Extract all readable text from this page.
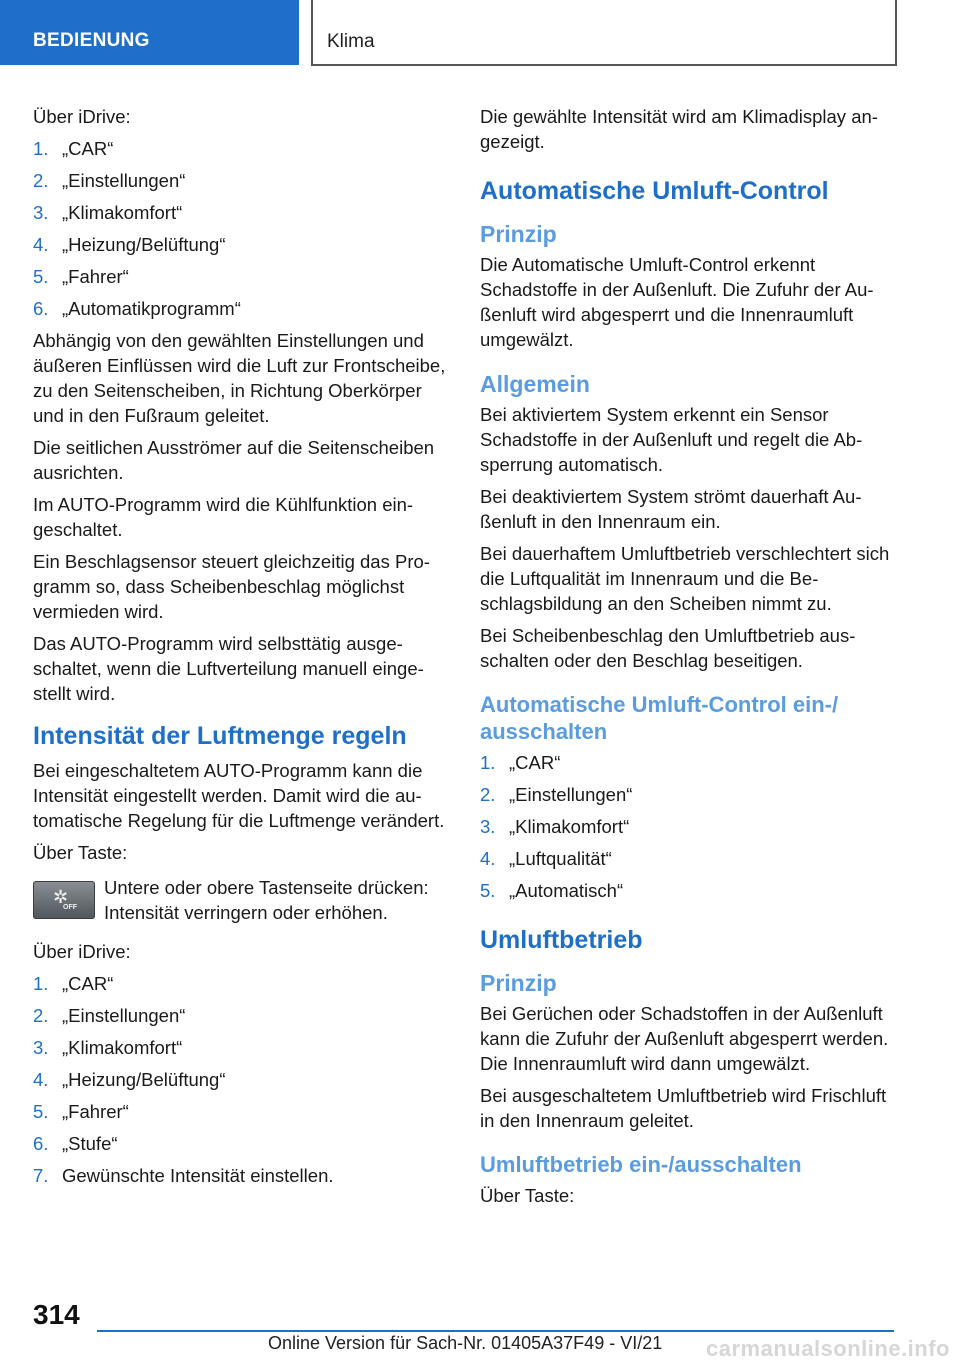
BEDIENUNG	Klima

Über iDrive:

1. „CAR“
2. „Einstellungen“
3. „Klimakomfort“
4. „Heizung/Belüftung“
5. „Fahrer“
6. „Automatikprogramm“

Abhängig von den gewählten Einstellungen und äußeren Einflüssen wird die Luft zur Frontscheibe, zu den Seitenscheiben, in Richtung Oberkörper und in den Fußraum geleitet.

Die seitlichen Ausströmer auf die Seitenscheiben ausrichten.

Im AUTO-Programm wird die Kühlfunktion eingeschaltet.

Ein Beschlagsensor steuert gleichzeitig das Programm so, dass Scheibenbeschlag möglichst vermieden wird.

Das AUTO-Programm wird selbsttätig ausgeschaltet, wenn die Luftverteilung manuell eingestellt wird.

Intensität der Luftmenge regeln

Bei eingeschaltetem AUTO-Programm kann die Intensität eingestellt werden. Damit wird die automatische Regelung für die Luftmenge verändert.

Über Taste:

✲
OFF
Untere oder obere Tastenseite drücken: Intensität verringern oder erhöhen.

Über iDrive:

1. „CAR“
2. „Einstellungen“
3. „Klimakomfort“
4. „Heizung/Belüftung“
5. „Fahrer“
6. „Stufe“
7. Gewünschte Intensität einstellen.

Die gewählte Intensität wird am Klimadisplay angezeigt.

Automatische Umluft-Control
Prinzip

Die Automatische Umluft-Control erkennt Schadstoffe in der Außenluft. Die Zufuhr der Außenluft wird abgesperrt und die Innenraumluft umgewälzt.

Allgemein

Bei aktiviertem System erkennt ein Sensor Schadstoffe in der Außenluft und regelt die Absperrung automatisch.

Bei deaktiviertem System strömt dauerhaft Außenluft in den Innenraum ein.

Bei dauerhaftem Umluftbetrieb verschlechtert sich die Luftqualität im Innenraum und die Beschlagsbildung an den Scheiben nimmt zu.

Bei Scheibenbeschlag den Umluftbetrieb ausschalten oder den Beschlag beseitigen.

Automatische Umluft-Control ein-/ ausschalten
1. „CAR“
2. „Einstellungen“
3. „Klimakomfort“
4. „Luftqualität“
5. „Automatisch“
Umluftbetrieb
Prinzip

Bei Gerüchen oder Schadstoffen in der Außenluft kann die Zufuhr der Außenluft abgesperrt werden. Die Innenraumluft wird dann umgewälzt.

Bei ausgeschaltetem Umluftbetrieb wird Frischluft in den Innenraum geleitet.

Umluftbetrieb ein-/ausschalten

Über Taste:

314
Online Version für Sach-Nr. 01405A37F49 - VI/21 carmanualsonline.info
